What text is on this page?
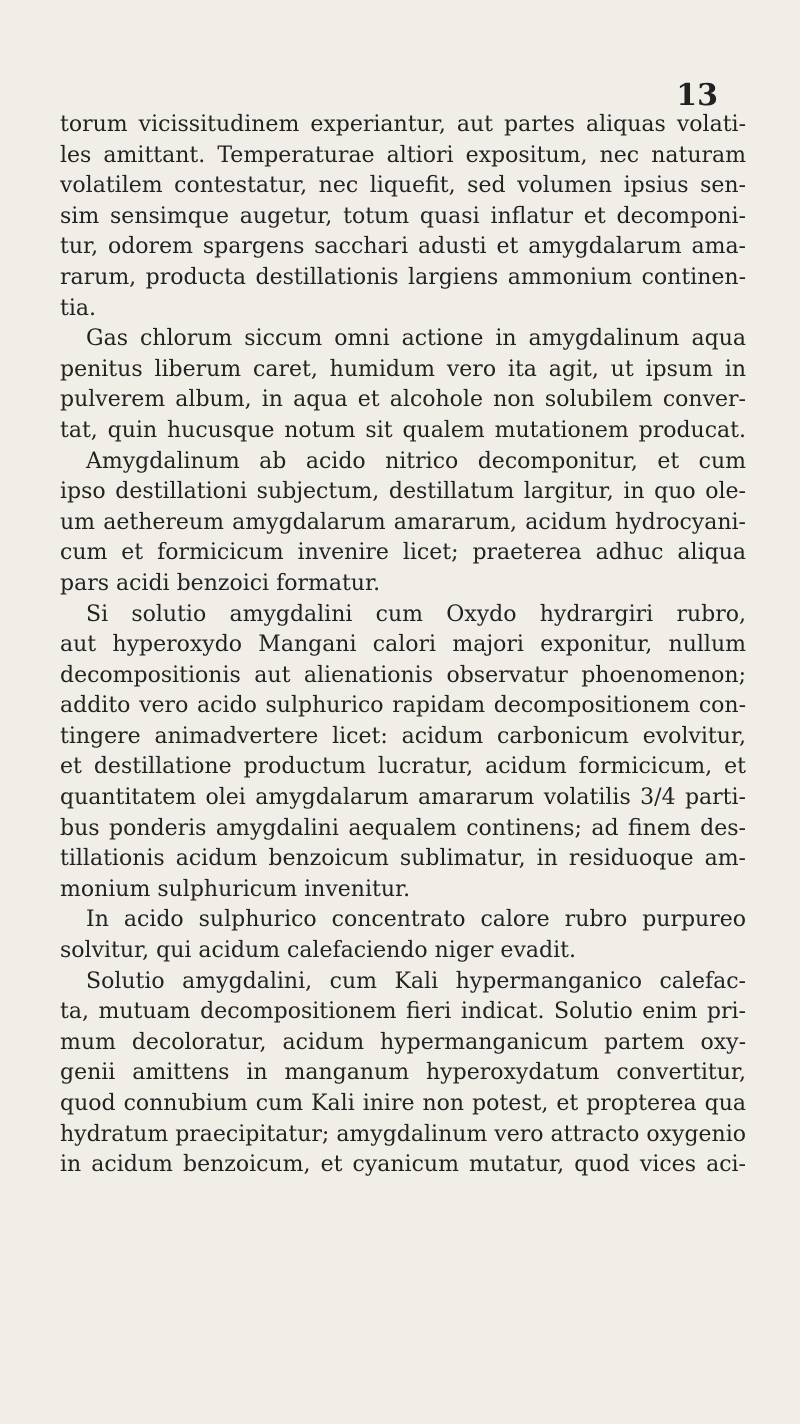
13
torum vicissitudinem experiantur, aut partes aliquas volati-
les amittant. Temperaturae altiori expositum, nec naturam
volatilem contestatur, nec liquefit, sed volumen ipsius sen-
sim sensimque augetur, totum quasi inflatur et decomponi-
tur, odorem spargens sacchari adusti et amygdalarum ama-
rarum, producta destillationis largiens ammonium continen-
tia.
Gas chlorum siccum omni actione in amygdalinum aqua
penitus liberum caret, humidum vero ita agit, ut ipsum in
pulverem album, in aqua et alcohole non solubilem conver-
tat, quin hucusque notum sit qualem mutationem producat.
Amygdalinum ab acido nitrico decomponitur, et cum
ipso destillationi subjectum, destillatum largitur, in quo ole-
um aethereum amygdalarum amararum, acidum hydrocyani-
cum et formicicum invenire licet; praeterea adhuc aliqua
pars acidi benzoici formatur.
Si solutio amygdalini cum Oxydo hydrargiri rubro,
aut hyperoxydo Mangani calori majori exponitur, nullum
decompositionis aut alienationis observatur phoenomenon;
addito vero acido sulphurico rapidam decompositionem con-
tingere animadvertere licet: acidum carbonicum evolvitur,
et destillatione productum lucratur, acidum formicicum, et
quantitatem olei amygdalarum amararum volatilis 3/4 parti-
bus ponderis amygdalini aequalem continens; ad finem des-
tillationis acidum benzoicum sublimatur, in residuoque am-
monium sulphuricum invenitur.
In acido sulphurico concentrato calore rubro purpureo
solvitur, qui acidum calefaciendo niger evadit.
Solutio amygdalini, cum Kali hypermanganico calefac-
ta, mutuam decompositionem fieri indicat. Solutio enim pri-
mum decoloratur, acidum hypermanganicum partem oxy-
genii amittens in manganum hyperoxydatum convertitur,
quod connubium cum Kali inire non potest, et propterea qua
hydratum praecipitatur; amygdalinum vero attracto oxygenio
in acidum benzoicum, et cyanicum mutatur, quod vices aci-
